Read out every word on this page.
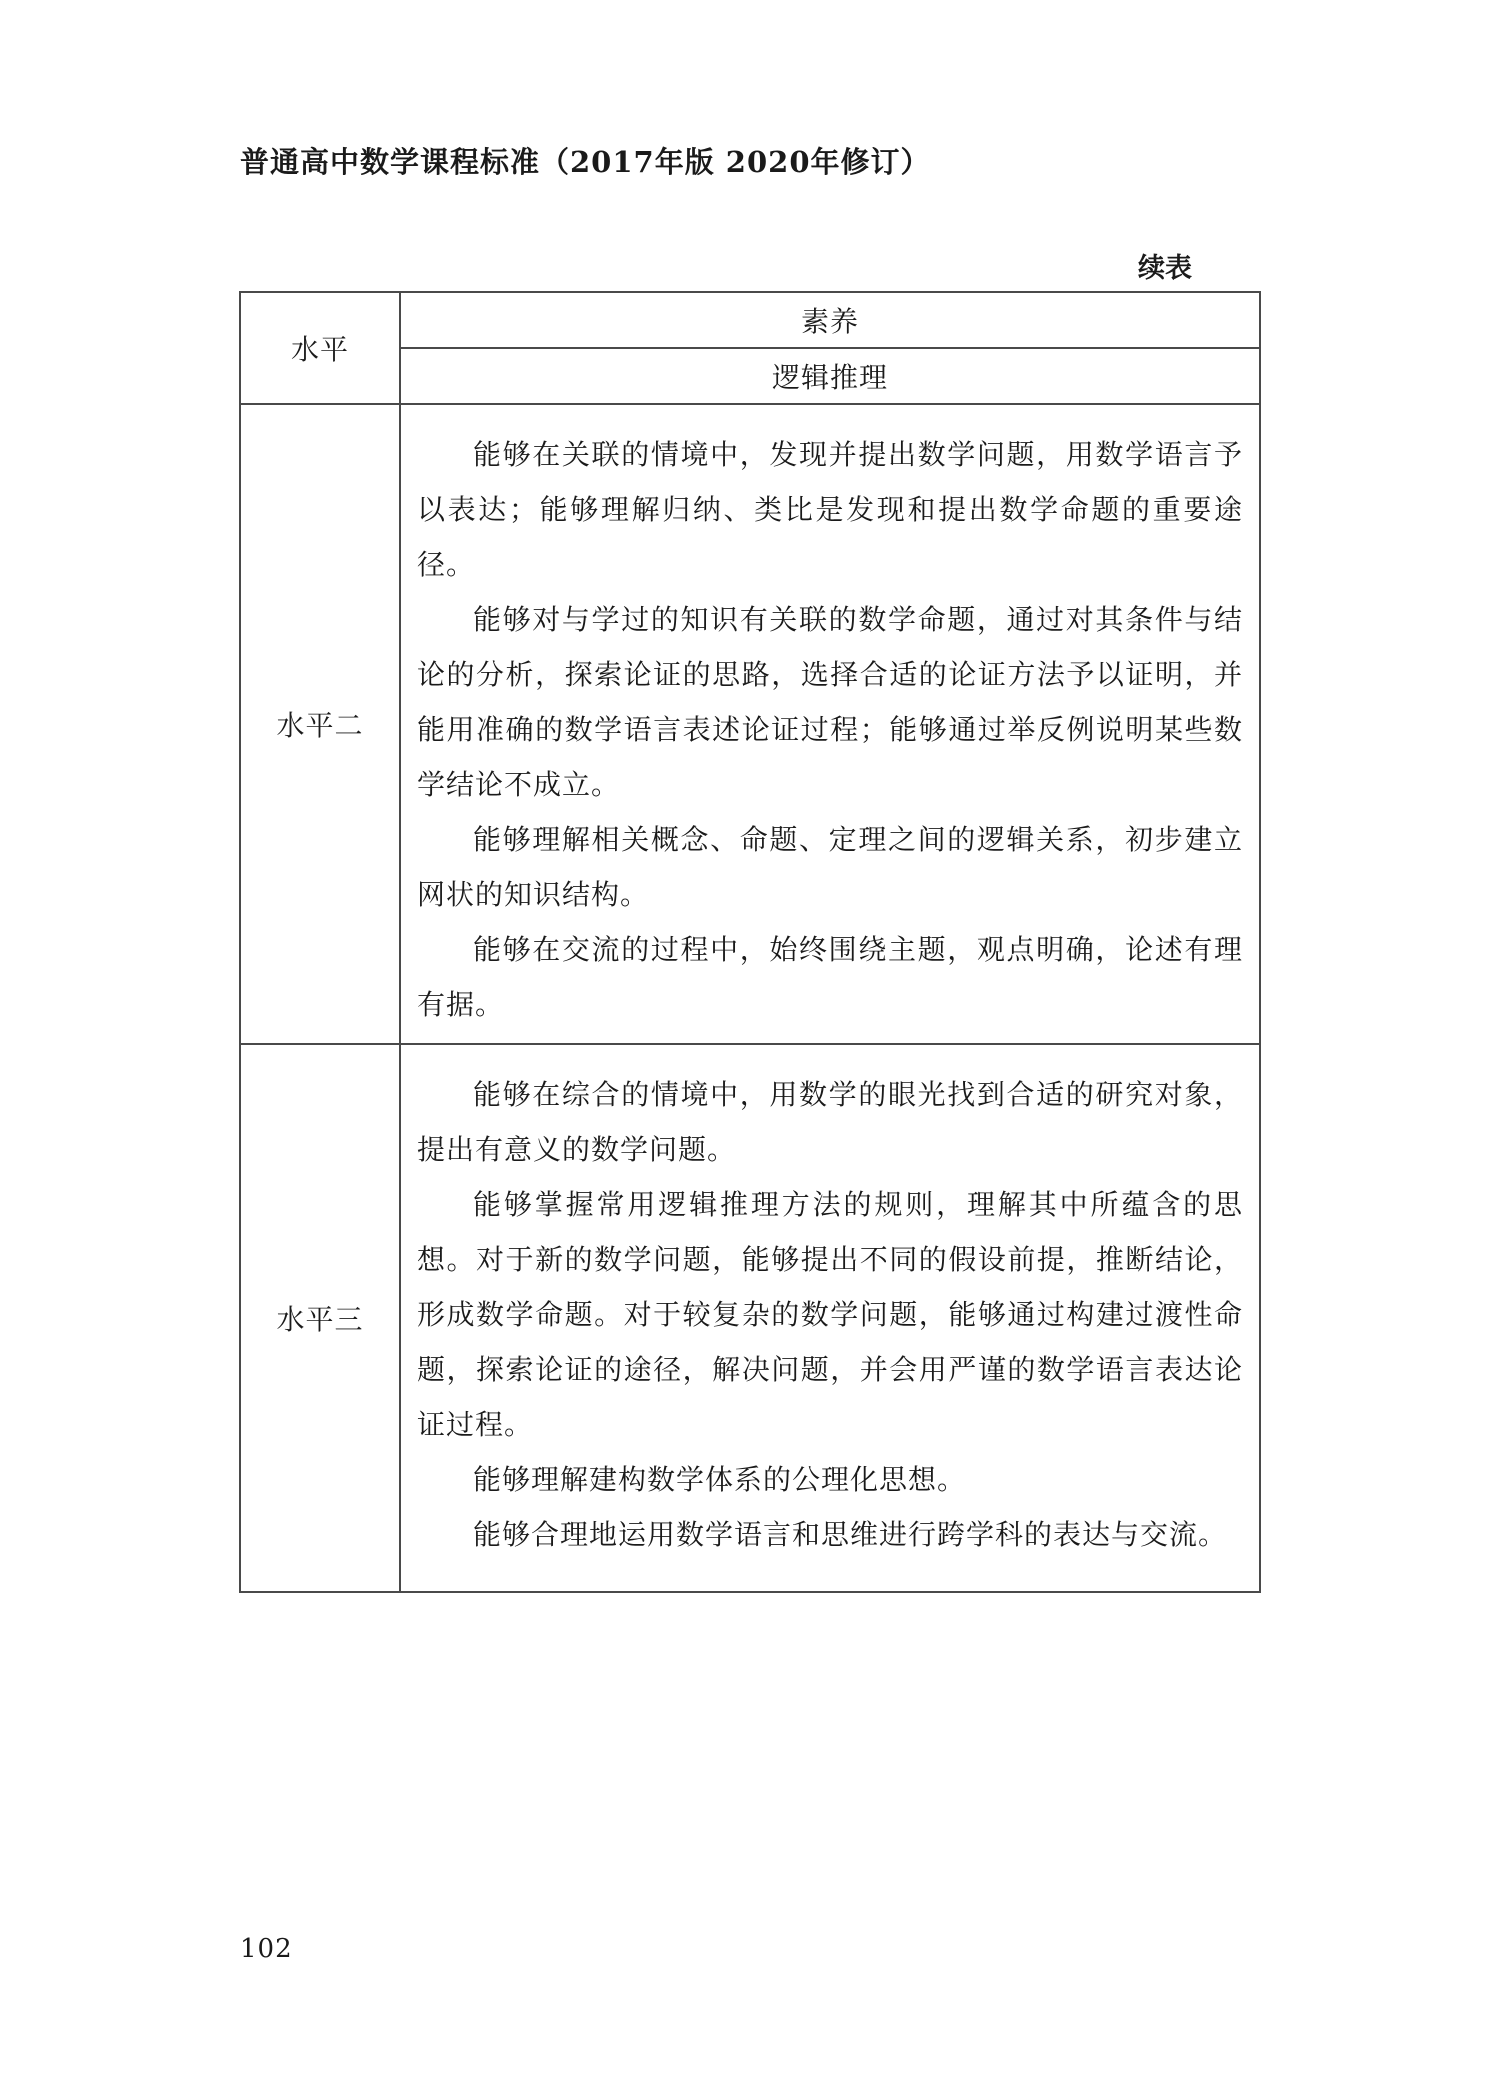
普通高中数学课程标准（2017年版 2020年修订）
续表
水平	素养
	逻辑推理
水平二	能够在关联的情境中，发现并提出数学问题，用数学语言予以表达；能够理解归纳、类比是发现和提出数学命题的重要途径。

能够对与学过的知识有关联的数学命题，通过对其条件与结论的分析，探索论证的思路，选择合适的论证方法予以证明，并能用准确的数学语言表述论证过程；能够通过举反例说明某些数学结论不成立。

能够理解相关概念、命题、定理之间的逻辑关系，初步建立网状的知识结构。

能够在交流的过程中，始终围绕主题，观点明确，论述有理有据。

水平三	能够在综合的情境中，用数学的眼光找到合适的研究对象，提出有意义的数学问题。

能够掌握常用逻辑推理方法的规则，理解其中所蕴含的思想。对于新的数学问题，能够提出不同的假设前提，推断结论，形成数学命题。对于较复杂的数学问题，能够通过构建过渡性命题，探索论证的途径，解决问题，并会用严谨的数学语言表达论证过程。

能够理解建构数学体系的公理化思想。

能够合理地运用数学语言和思维进行跨学科的表达与交流。

102
